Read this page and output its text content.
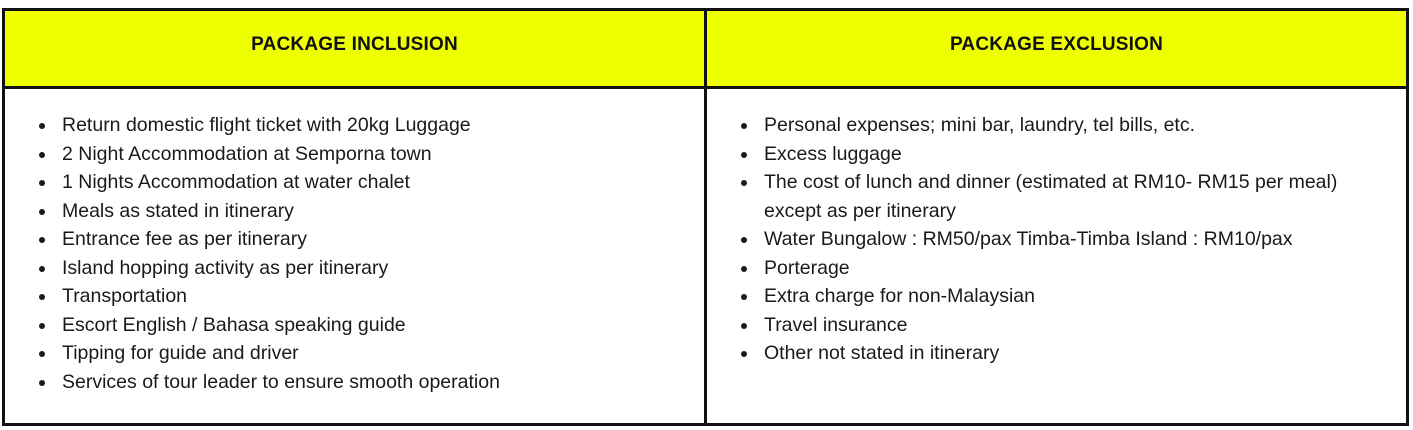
PACKAGE INCLUSION	PACKAGE EXCLUSION
Return domestic flight ticket with 20kg Luggage
2 Night Accommodation at Semporna town
1 Nights Accommodation at water chalet
Meals as stated in itinerary
Entrance fee as per itinerary
Island hopping activity as per itinerary
Transportation
Escort English / Bahasa speaking guide
Tipping for guide and driver
Services of tour leader to ensure smooth operation
Personal expenses; mini bar, laundry, tel bills, etc.
Excess luggage
The cost of lunch and dinner (estimated at RM10- RM15 per meal) except as per itinerary
Water Bungalow : RM50/pax Timba-Timba Island : RM10/pax
Porterage
Extra charge for non-Malaysian
Travel insurance
Other not stated in itinerary
